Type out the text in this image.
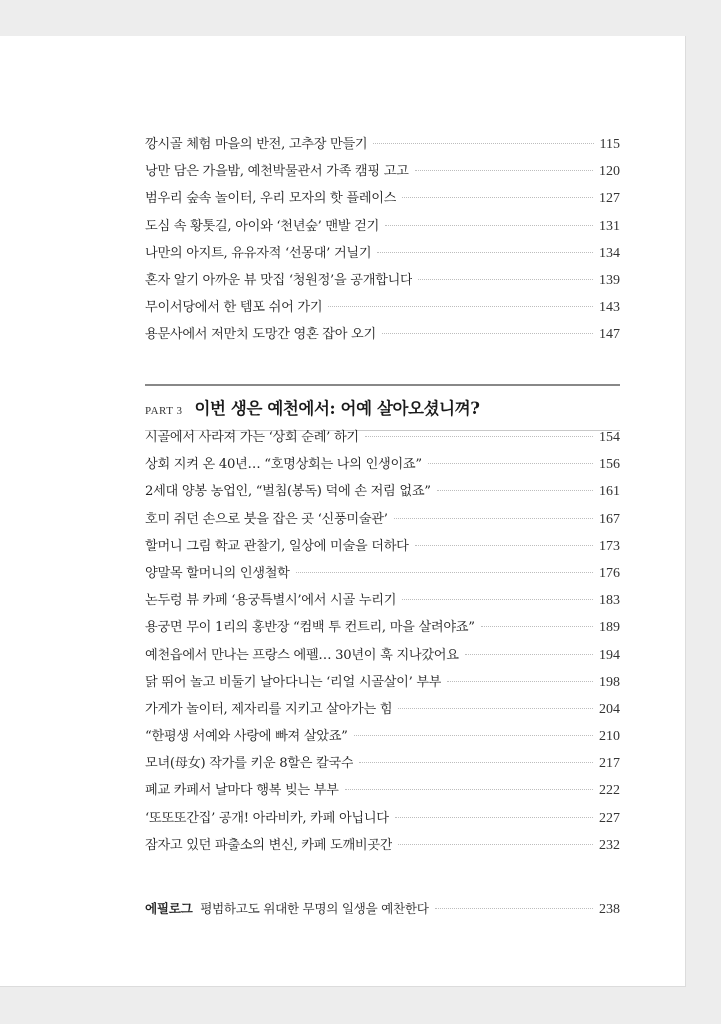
깡시골 체험 마을의 반전, 고추장 만들기	115
낭만 담은 가을밤, 예천박물관서 가족 캠핑 고고	120
범우리 숲속 놀이터, 우리 모자의 핫 플레이스	127
도심 속 황톳길, 아이와 ‘천년숲’ 맨발 걷기	131
나만의 아지트, 유유자적 ‘선몽대’ 거닐기	134
혼자 알기 아까운 뷰 맛집 ‘청원정’을 공개합니다	139
무이서당에서 한 템포 쉬어 가기	143
용문사에서 저만치 도망간 영혼 잡아 오기	147
PART 3 이번 생은 예천에서: 어예 살아오셨니껴?
시골에서 사라져 가는 ‘상회 순례’ 하기	154
상회 지켜 온 40년… “호명상회는 나의 인생이죠”	156
2세대 양봉 농업인, “벌침(봉독) 덕에 손 저림 없죠”	161
호미 쥐던 손으로 붓을 잡은 곳 ‘신풍미술관’	167
할머니 그림 학교 관찰기, 일상에 미술을 더하다	173
양말목 할머니의 인생철학	176
논두렁 뷰 카페 ‘용궁특별시’에서 시골 누리기	183
용궁면 무이 1리의 홍반장 “컴백 투 컨트리, 마을 살려야죠”	189
예천읍에서 만나는 프랑스 에펠… 30년이 훅 지나갔어요	194
닭 뛰어 놀고 비둘기 날아다니는 ‘리얼 시골살이’ 부부	198
가게가 놀이터, 제자리를 지키고 살아가는 힘	204
“한평생 서예와 사랑에 빠져 살았죠”	210
모녀(母女) 작가를 키운 8할은 칼국수	217
폐교 카페서 날마다 행복 빚는 부부	222
‘또또또간집’ 공개! 아라비카, 카페 아닙니다	227
잠자고 있던 파출소의 변신, 카페 도깨비곳간	232
에필로그 평범하고도 위대한 무명의 일생을 예찬한다	238
